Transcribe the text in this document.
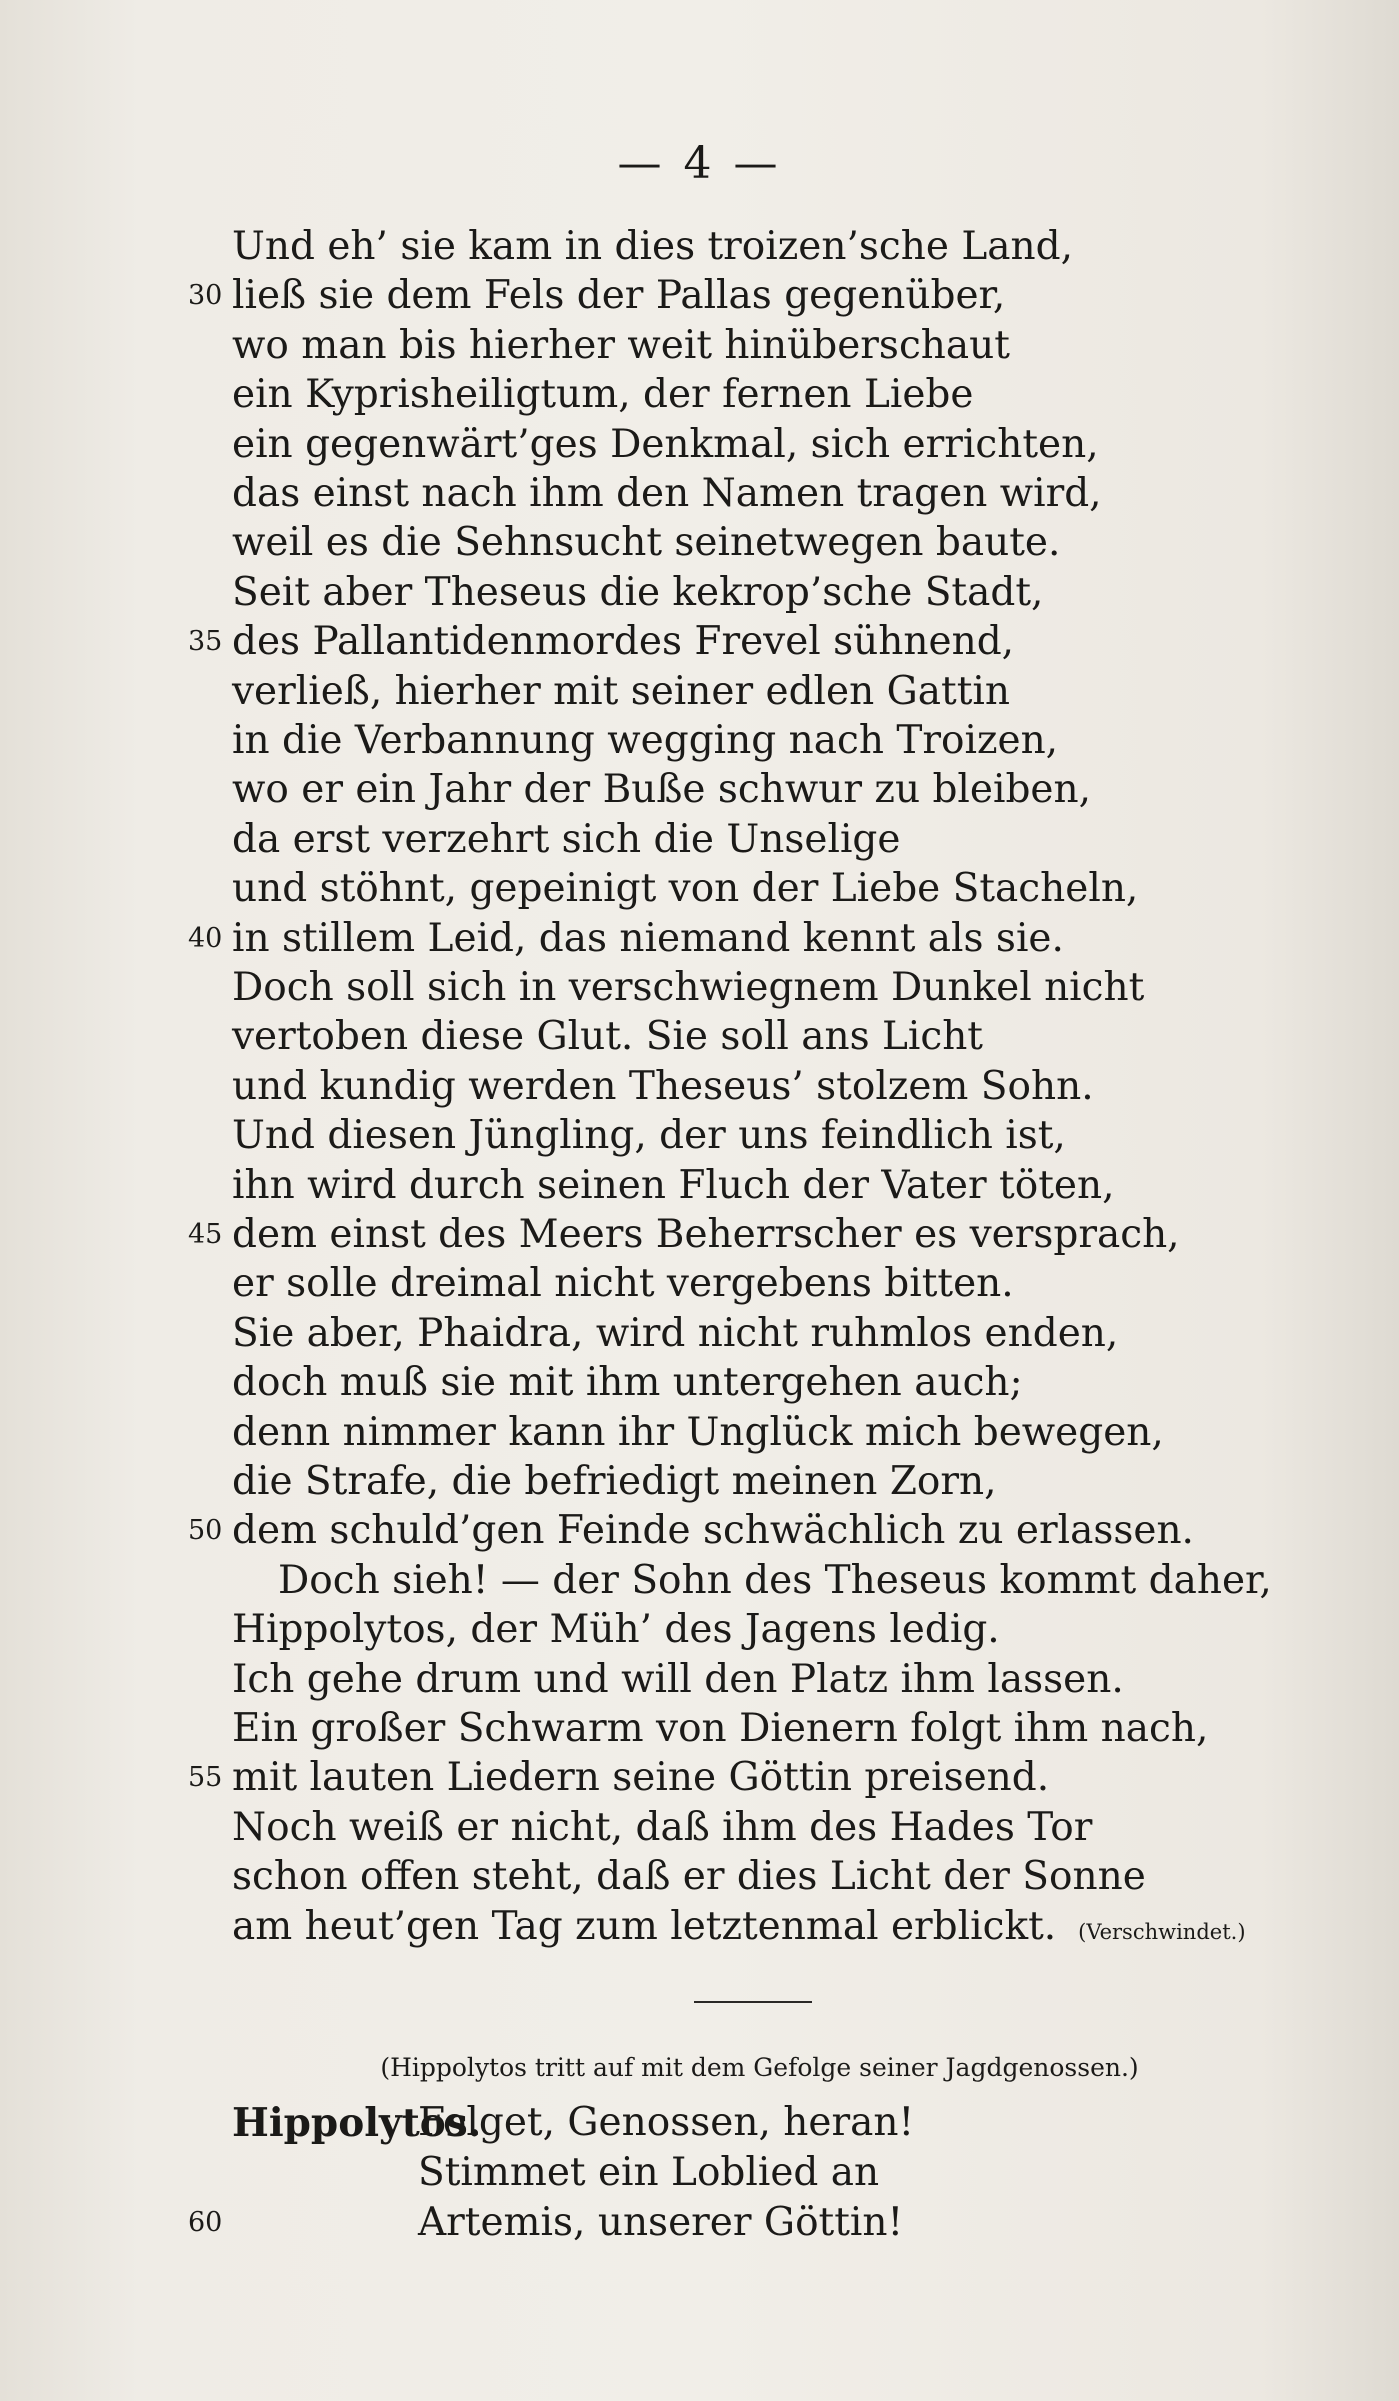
— 4 —
Und eh’ sie kam in dies troizen’sche Land,
30 ließ sie dem Fels der Pallas gegenüber,
wo man bis hierher weit hinüberschaut
ein Kyprisheiligtum, der fernen Liebe
ein gegenwärt’ges Denkmal, sich errichten,
das einst nach ihm den Namen tragen wird,
weil es die Sehnsucht seinetwegen baute.
Seit aber Theseus die kekrop’sche Stadt,
35 des Pallantidenmordes Frevel sühnend,
verließ, hierher mit seiner edlen Gattin
in die Verbannung wegging nach Troizen,
wo er ein Jahr der Buße schwur zu bleiben,
da erst verzehrt sich die Unselige
und stöhnt, gepeinigt von der Liebe Stacheln,
40 in stillem Leid, das niemand kennt als sie.
Doch soll sich in verschwiegnem Dunkel nicht
vertoben diese Glut. Sie soll ans Licht
und kundig werden Theseus’ stolzem Sohn.
Und diesen Jüngling, der uns feindlich ist,
ihn wird durch seinen Fluch der Vater töten,
45 dem einst des Meers Beherrscher es versprach,
er solle dreimal nicht vergebens bitten.
Sie aber, Phaidra, wird nicht ruhmlos enden,
doch muß sie mit ihm untergehen auch;
denn nimmer kann ihr Unglück mich bewegen,
die Strafe, die befriedigt meinen Zorn,
50 dem schuld’gen Feinde schwächlich zu erlassen.
Doch sieh! — der Sohn des Theseus kommt daher,
Hippolytos, der Müh’ des Jagens ledig.
Ich gehe drum und will den Platz ihm lassen.
Ein großer Schwarm von Dienern folgt ihm nach,
55 mit lauten Liedern seine Göttin preisend.
Noch weiß er nicht, daß ihm des Hades Tor
schon offen steht, daß er dies Licht der Sonne
am heut’gen Tag zum letztenmal erblickt. (Verschwindet.)
(Hippolytos tritt auf mit dem Gefolge seiner Jagdgenossen.)
Hippolytos.
Folget, Genossen, heran!
Stimmet ein Loblied an
60	Artemis, unserer Göttin!
